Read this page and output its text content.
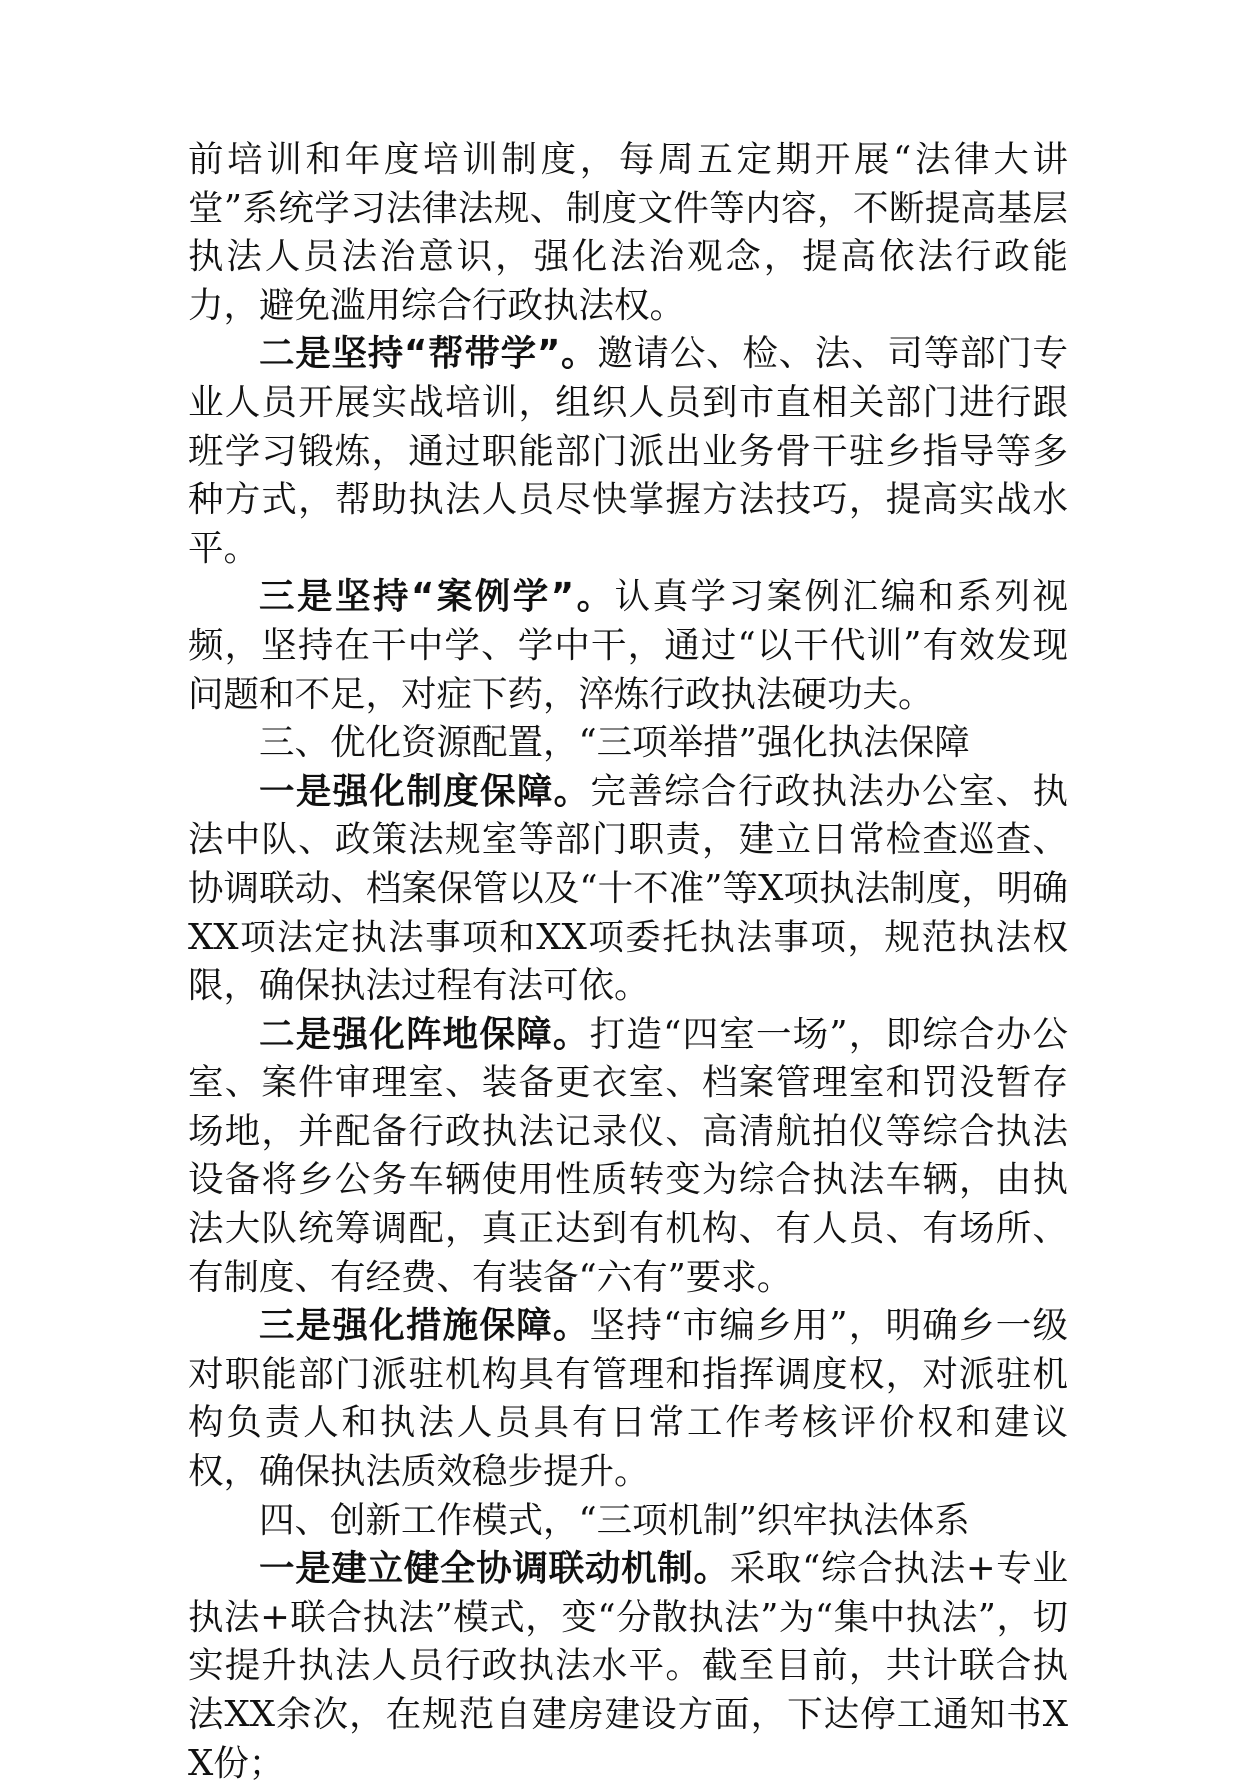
前培训和年度培训制度，每周五定期开展“法律大讲堂”系统学习法律法规、制度文件等内容，不断提高基层执法人员法治意识，强化法治观念，提高依法行政能力，避免滥用综合行政执法权。

二是坚持“帮带学”。邀请公、检、法、司等部门专业人员开展实战培训，组织人员到市直相关部门进行跟班学习锻炼，通过职能部门派出业务骨干驻乡指导等多种方式，帮助执法人员尽快掌握方法技巧，提高实战水平。

三是坚持“案例学”。认真学习案例汇编和系列视频，坚持在干中学、学中干，通过“以干代训”有效发现问题和不足，对症下药，淬炼行政执法硬功夫。

三、优化资源配置，“三项举措”强化执法保障

一是强化制度保障。完善综合行政执法办公室、执法中队、政策法规室等部门职责，建立日常检查巡查、协调联动、档案保管以及“十不准”等X项执法制度，明确XX项法定执法事项和XX项委托执法事项，规范执法权限，确保执法过程有法可依。

二是强化阵地保障。打造“四室一场”，即综合办公室、案件审理室、装备更衣室、档案管理室和罚没暂存场地，并配备行政执法记录仪、高清航拍仪等综合执法设备将乡公务车辆使用性质转变为综合执法车辆，由执法大队统筹调配，真正达到有机构、有人员、有场所、有制度、有经费、有装备“六有”要求。

三是强化措施保障。坚持“市编乡用”，明确乡一级对职能部门派驻机构具有管理和指挥调度权，对派驻机构负责人和执法人员具有日常工作考核评价权和建议权，确保执法质效稳步提升。

四、创新工作模式，“三项机制”织牢执法体系

一是建立健全协调联动机制。采取“综合执法+专业执法+联合执法”模式，变“分散执法”为“集中执法”，切实提升执法人员行政执法水平。截至目前，共计联合执法XX余次，在规范自建房建设方面，下达停工通知书XX份；
